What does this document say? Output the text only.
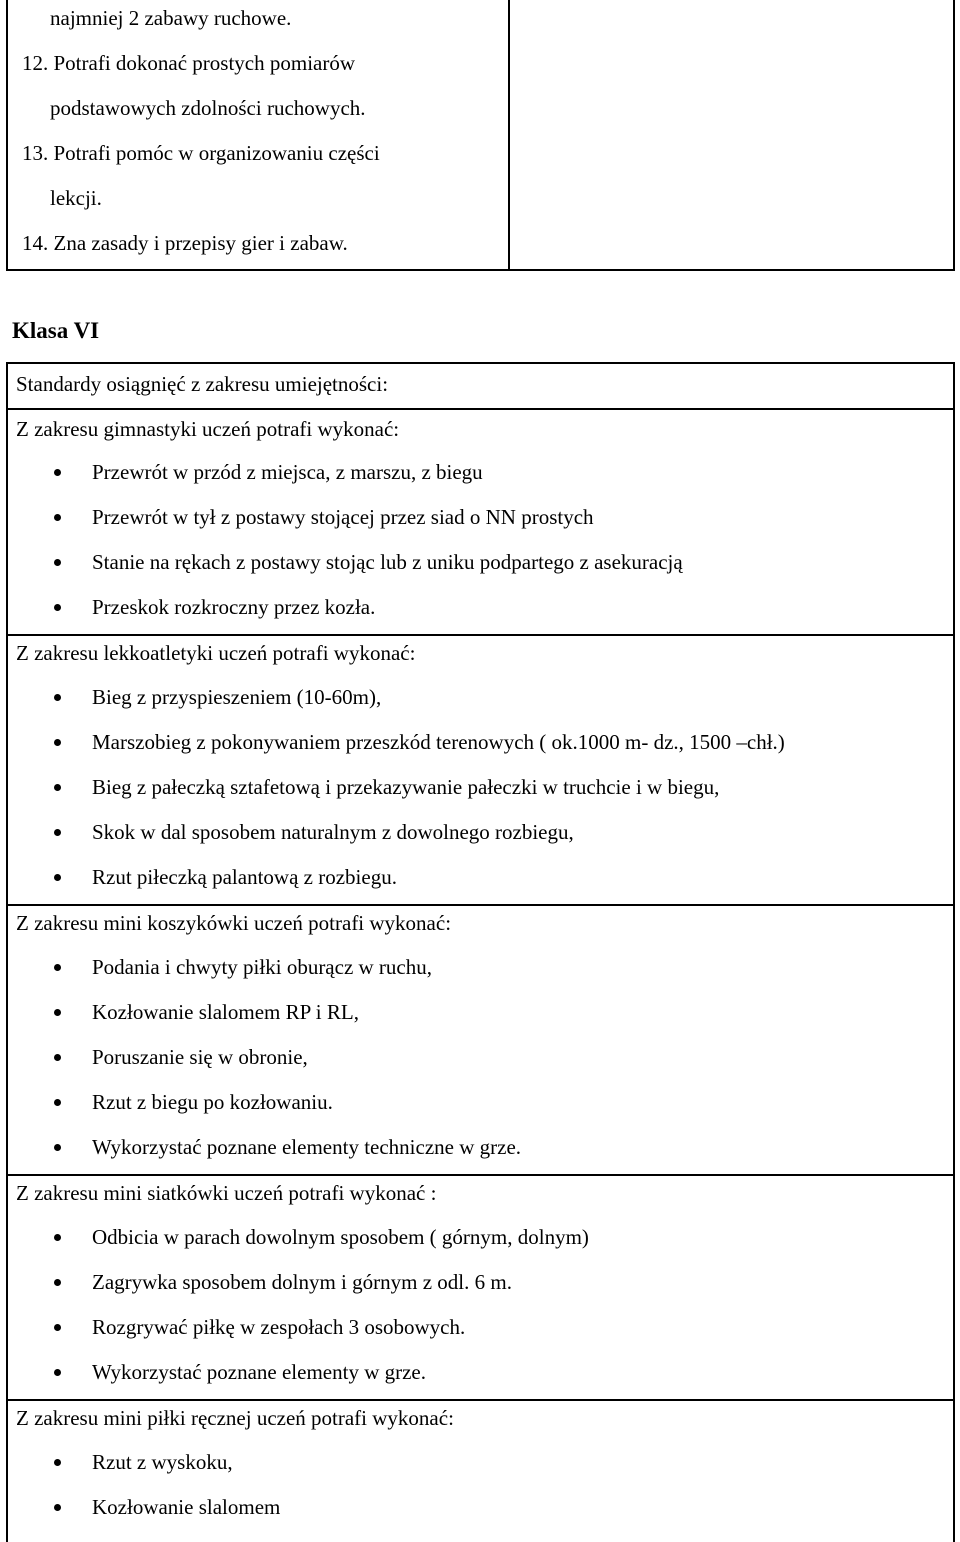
najmniej 2 zabawy ruchowe.
12. Potrafi dokonać prostych pomiarów
podstawowych zdolności ruchowych.
13. Potrafi pomóc w organizowaniu części
lekcji.
14. Zna zasady i przepisy gier i zabaw.
Klasa VI
Standardy osiągnięć z zakresu umiejętności:
Z zakresu gimnastyki uczeń potrafi wykonać:
Przewrót w przód z miejsca, z marszu, z biegu
Przewrót w tył z postawy stojącej przez siad o NN prostych
Stanie na rękach z postawy stojąc lub z uniku podpartego z asekuracją
Przeskok rozkroczny przez kozła.
Z zakresu lekkoatletyki uczeń potrafi wykonać:
Bieg z przyspieszeniem (10-60m),
Marszobieg z pokonywaniem przeszkód terenowych ( ok.1000 m- dz., 1500 –chł.)
Bieg z pałeczką sztafetową i przekazywanie pałeczki w truchcie i w biegu,
Skok w dal sposobem naturalnym z dowolnego rozbiegu,
Rzut piłeczką palantową z rozbiegu.
Z zakresu mini koszykówki uczeń potrafi wykonać:
Podania i chwyty piłki oburącz w ruchu,
Kozłowanie slalomem RP i RL,
Poruszanie się w obronie,
Rzut z biegu po kozłowaniu.
Wykorzystać poznane elementy techniczne w grze.
Z zakresu mini siatkówki uczeń potrafi wykonać :
Odbicia w parach dowolnym sposobem ( górnym, dolnym)
Zagrywka sposobem dolnym i górnym z odl. 6 m.
Rozgrywać piłkę w zespołach 3 osobowych.
Wykorzystać poznane elementy w grze.
Z zakresu mini piłki ręcznej uczeń potrafi wykonać:
Rzut z wyskoku,
Kozłowanie slalomem
